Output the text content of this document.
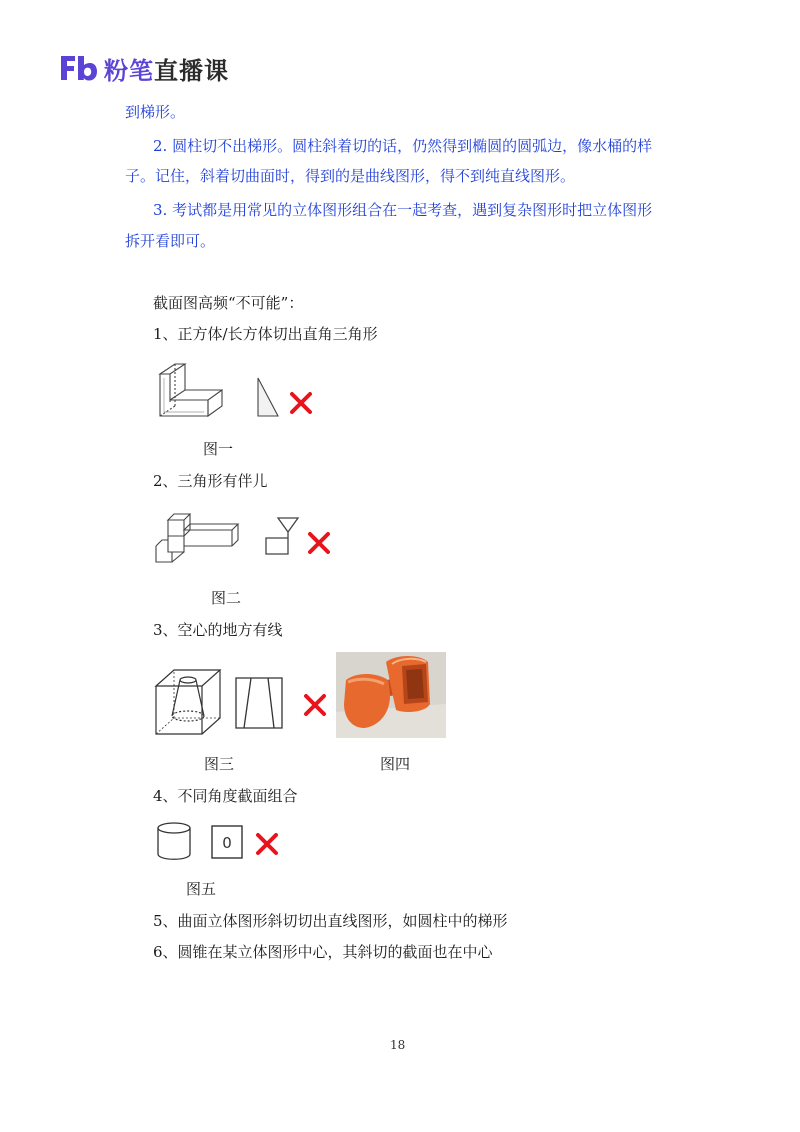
粉笔直播课
到梯形。
2. 圆柱切不出梯形。圆柱斜着切的话，仍然得到椭圆的圆弧边，像水桶的样
子。记住，斜着切曲面时，得到的是曲线图形，得不到纯直线图形。
3. 考试都是用常见的立体图形组合在一起考查，遇到复杂图形时把立体图形
拆开看即可。
截面图高频“不可能”：
1、正方体/长方体切出直角三角形
图一
2、三角形有伴儿
图二
3、空心的地方有线
图三	图四
4、不同角度截面组合
0
图五
5、曲面立体图形斜切切出直线图形，如圆柱中的梯形
6、圆锥在某立体图形中心，其斜切的截面也在中心
18
